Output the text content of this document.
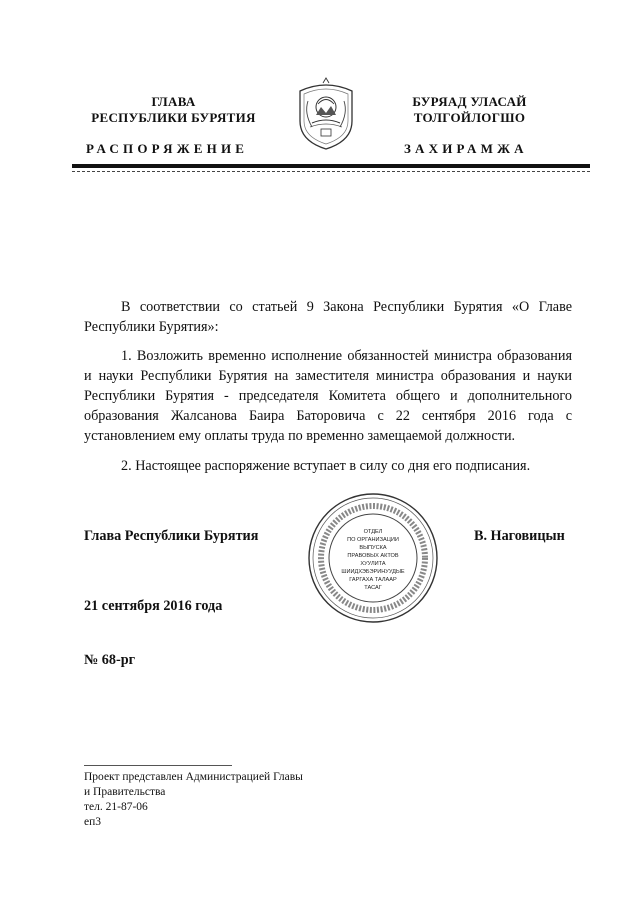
ГЛАВА
РЕСПУБЛИКИ БУРЯТИЯ
РАСПОРЯЖЕНИЕ
БУРЯАД УЛАСАЙ
ТОЛГОЙЛОГШО
ЗАХИРАМЖА
В соответствии со статьей 9 Закона Республики Бурятия «О Главе Республики Бурятия»:
1. Возложить временно исполнение обязанностей министра образования и науки Республики Бурятия на заместителя министра образования и науки Республики Бурятия - председателя Комитета общего и дополнительного образования Жалсанова Баира Баторовича с 22 сентября 2016 года с установлением ему оплаты труда по временно замещаемой должности.
2. Настоящее распоряжение вступает в силу со дня его подписания.
Глава Республики Бурятия	В. Наговицын
ОТДЕЛ
ПО ОРГАНИЗАЦИИ
ВЫПУСКА
ПРАВОВЫХ АКТОВ
ХУУЛИТА
ШИИДХЭБЭРИНУУДЫЕ
ГАРГАХА ТАЛААР
ТАСАГ
21 сентября 2016 года
№ 68-рг
Проект представлен Администрацией Главы
и Правительства
тел. 21-87-06
еп3
